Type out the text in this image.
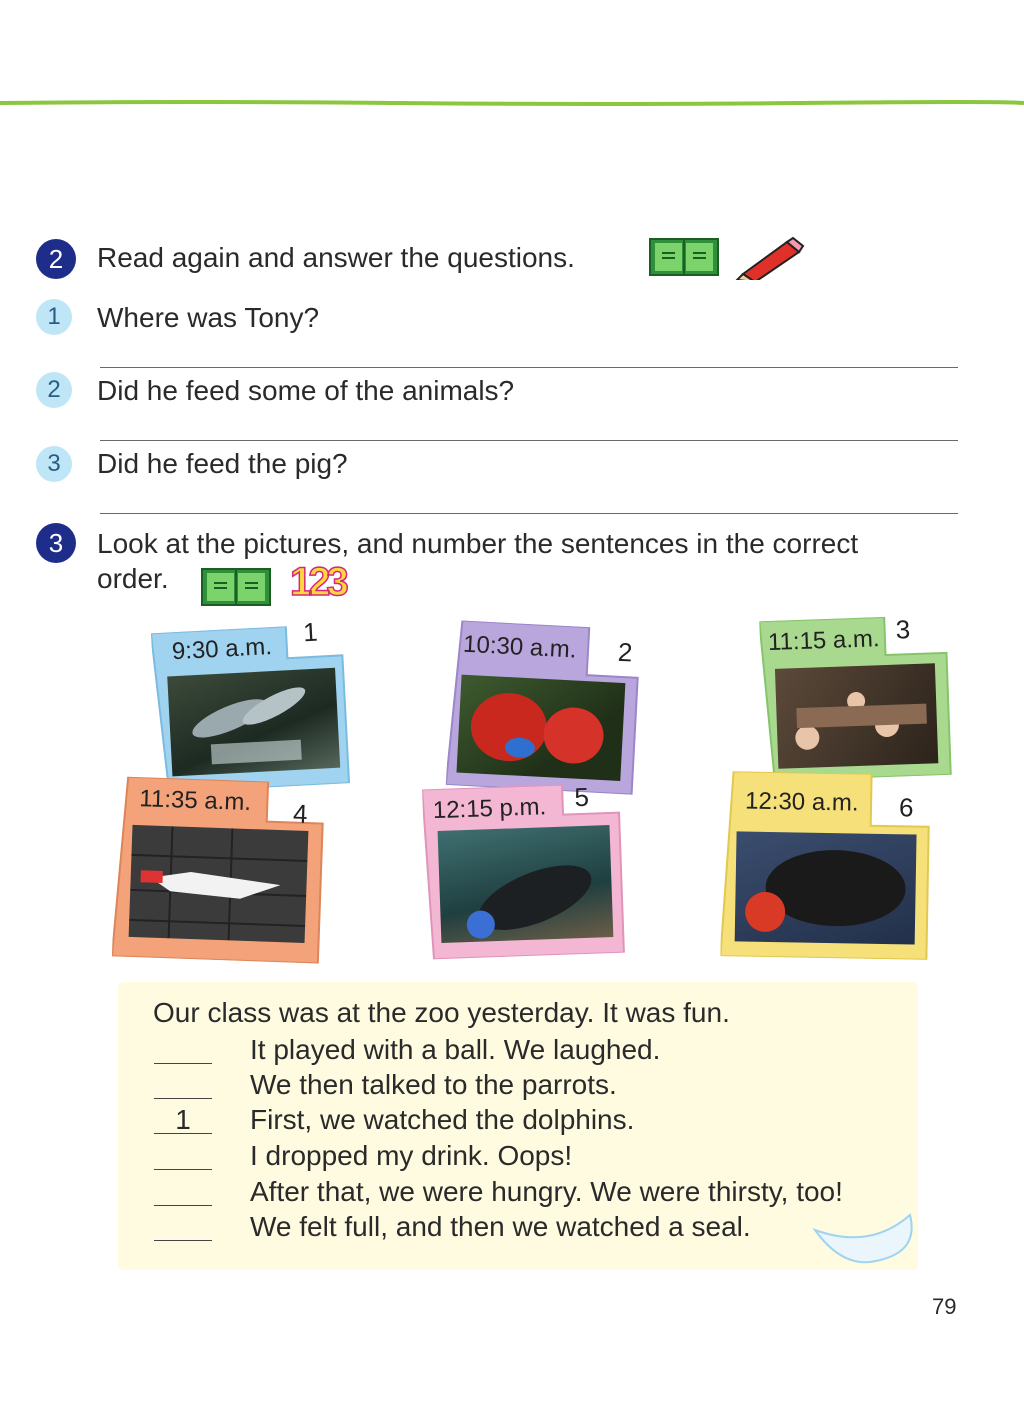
2	Read again and answer the questions.
1	Where was Tony?
2	Did he feed some of the animals?
3	Did he feed the pig?
3	Look at the pictures, and number the sentences in the correct
order.	123
9:30 a.m.
1	10:30 a.m. 2	11:15 a.m. 3
11:35 a.m. 4	12:15 p.m. 5	12:30 a.m. 6
Our class was at the zoo yesterday. It was fun.
It played with a ball. We laughed.
We then talked to the parrots.
1	First, we watched the dolphins.
I dropped my drink. Oops!
After that, we were hungry. We were thirsty, too!
We felt full, and then we watched a seal.
79
